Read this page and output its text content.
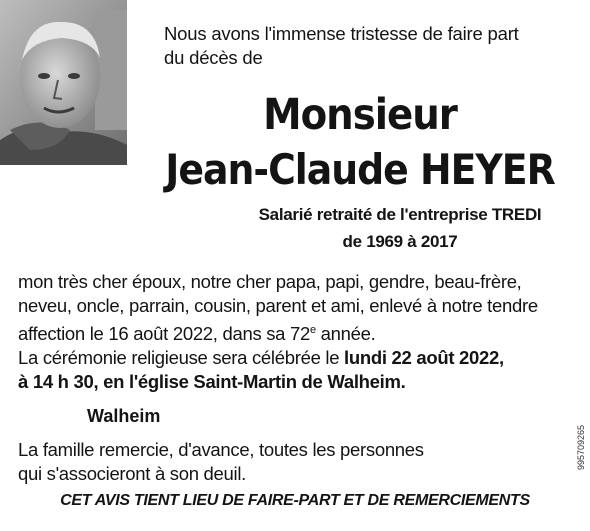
Nous avons l'immense tristesse de faire part
du décès de
Monsieur
Jean-Claude HEYER
Salarié retraité de l'entreprise TREDI
de 1969 à 2017
mon très cher époux, notre cher papa, papi, gendre, beau-frère,
neveu, oncle, parrain, cousin, parent et ami, enlevé à notre tendre
affection le 16 août 2022, dans sa 72e année.
La cérémonie religieuse sera célébrée le lundi 22 août 2022,
à 14 h 30, en l'église Saint-Martin de Walheim.
Walheim
La famille remercie, d'avance, toutes les personnes
qui s'associeront à son deuil.
CET AVIS TIENT LIEU DE FAIRE-PART ET DE REMERCIEMENTS
995709265
